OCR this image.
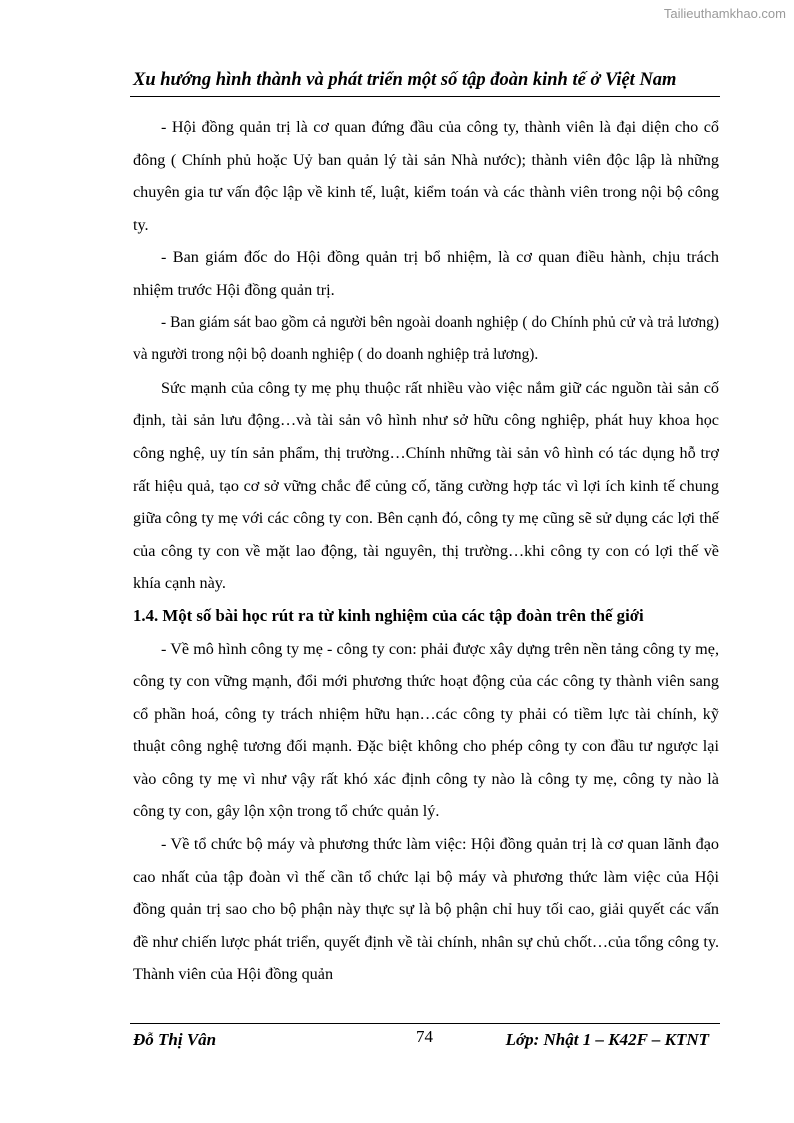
Tailieuthamkhao.com
Xu hướng hình thành và phát triển một số tập đoàn kinh tế ở Việt Nam

- Hội đồng quản trị là cơ quan đứng đầu của công ty, thành viên là đại diện cho cổ đông ( Chính phủ hoặc Uỷ ban quản lý tài sản Nhà nước); thành viên độc lập là những chuyên gia tư vấn độc lập về kinh tế, luật, kiểm toán và các thành viên trong nội bộ công ty.

- Ban giám đốc do Hội đồng quản trị bổ nhiệm, là cơ quan điều hành, chịu trách nhiệm trước Hội đồng quản trị.

- Ban giám sát bao gồm cả người bên ngoài doanh nghiệp ( do Chính phủ cử và trả lương) và người trong nội bộ doanh nghiệp ( do doanh nghiệp trả lương).

Sức mạnh của công ty mẹ phụ thuộc rất nhiều vào việc nắm giữ các nguồn tài sản cố định, tài sản lưu động…và tài sản vô hình như sở hữu công nghiệp, phát huy khoa học công nghệ, uy tín sản phẩm, thị trường…Chính những tài sản vô hình có tác dụng hỗ trợ rất hiệu quả, tạo cơ sở vững chắc để củng cố, tăng cường hợp tác vì lợi ích kinh tế chung giữa công ty mẹ với các công ty con. Bên cạnh đó, công ty mẹ cũng sẽ sử dụng các lợi thế của công ty con về mặt lao động, tài nguyên, thị trường…khi công ty con có lợi thế về khía cạnh này.

1.4. Một số bài học rút ra từ kinh nghiệm của các tập đoàn trên thế giới

- Về mô hình công ty mẹ - công ty con: phải được xây dựng trên nền tảng công ty mẹ, công ty con vững mạnh, đổi mới phương thức hoạt động của các công ty thành viên sang cổ phần hoá, công ty trách nhiệm hữu hạn…các công ty phải có tiềm lực tài chính, kỹ thuật công nghệ tương đối mạnh. Đặc biệt không cho phép công ty con đầu tư ngược lại vào công ty mẹ vì như vậy rất khó xác định công ty nào là công ty mẹ, công ty nào là công ty con, gây lộn xộn trong tổ chức quản lý.

- Về tổ chức bộ máy và phương thức làm việc: Hội đồng quản trị là cơ quan lãnh đạo cao nhất của tập đoàn vì thế cần tổ chức lại bộ máy và phương thức làm việc của Hội đồng quản trị sao cho bộ phận này thực sự là bộ phận chỉ huy tối cao, giải quyết các vấn đề như chiến lược phát triển, quyết định về tài chính, nhân sự chủ chốt…của tổng công ty. Thành viên của Hội đồng quản

Đỗ Thị Vân	74	Lớp: Nhật 1 – K42F – KTNT
